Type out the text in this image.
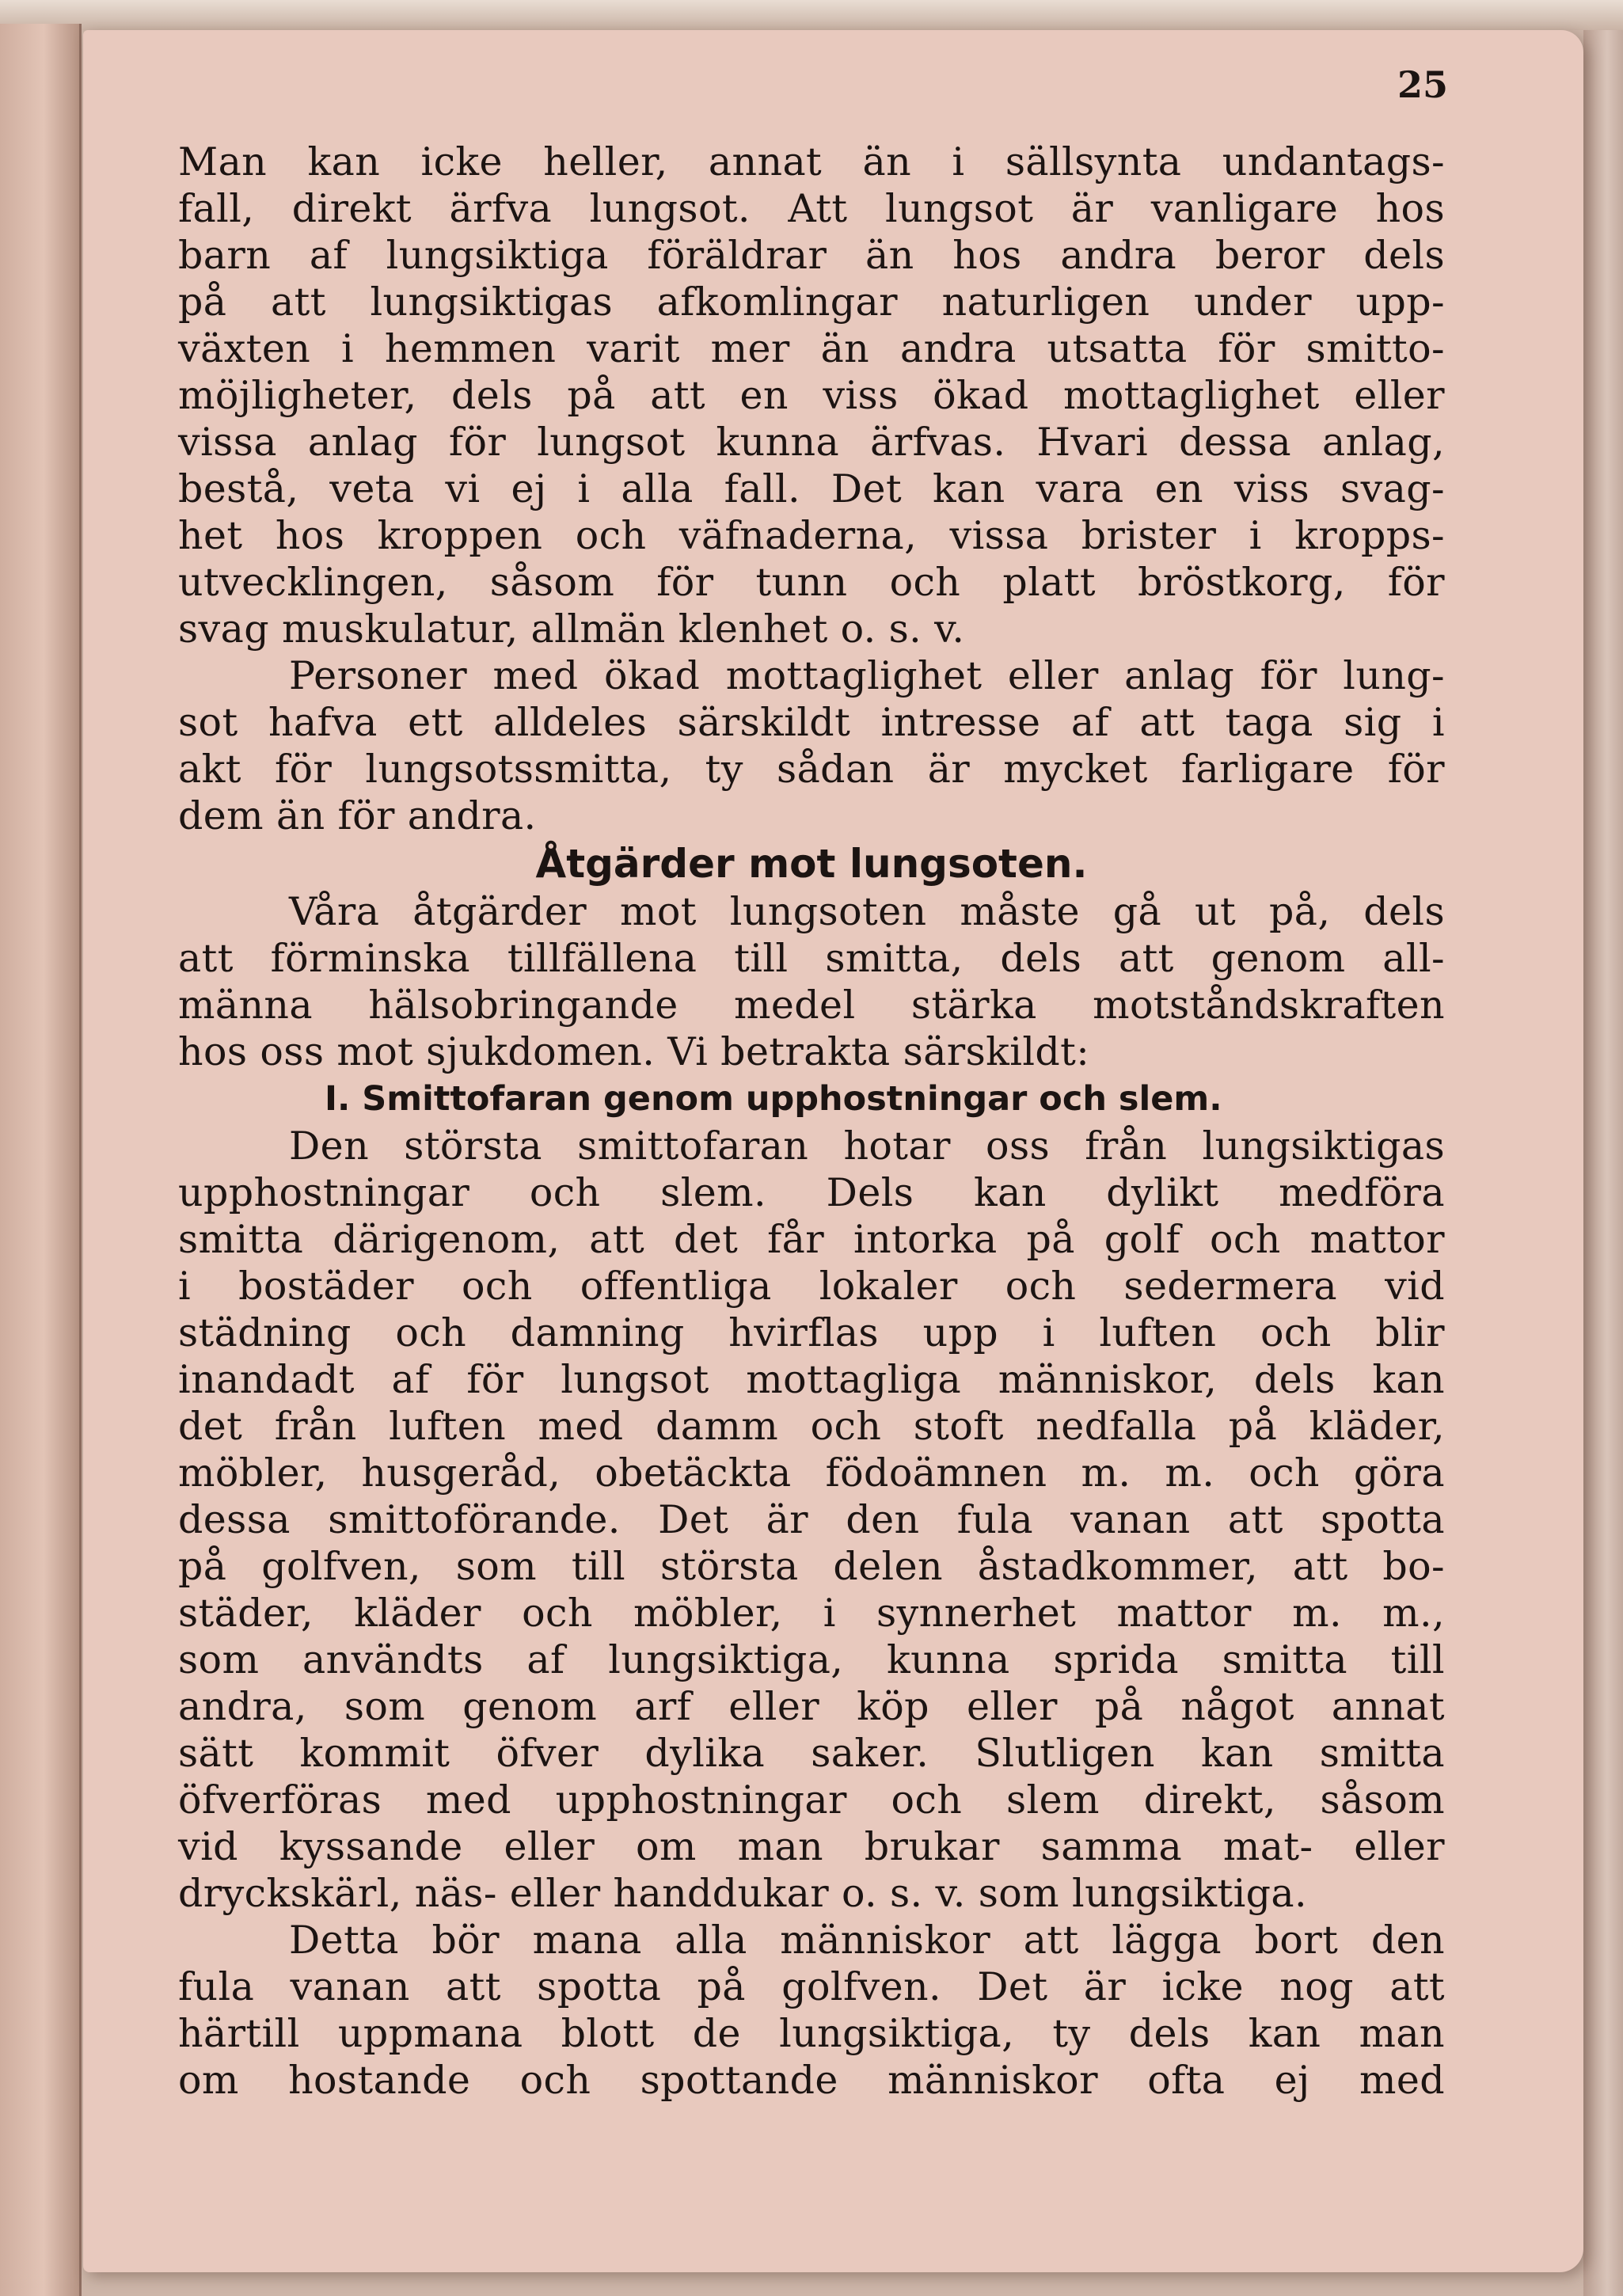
25
Man kan icke heller, annat än i sällsynta undantags-
fall, direkt ärfva lungsot. Att lungsot är vanligare hos
barn af lungsiktiga föräldrar än hos andra beror dels
på att lungsiktigas afkomlingar naturligen under upp-
växten i hemmen varit mer än andra utsatta för smitto-
möjligheter, dels på att en viss ökad mottaglighet eller
vissa anlag för lungsot kunna ärfvas. Hvari dessa anlag,
bestå, veta vi ej i alla fall. Det kan vara en viss svag-
het hos kroppen och väfnaderna, vissa brister i kropps-
utvecklingen, såsom för tunn och platt bröstkorg, för
svag muskulatur, allmän klenhet o. s. v.
Personer med ökad mottaglighet eller anlag för lung-
sot hafva ett alldeles särskildt intresse af att taga sig i
akt för lungsotssmitta, ty sådan är mycket farligare för
dem än för andra.
Åtgärder mot lungsoten.
Våra åtgärder mot lungsoten måste gå ut på, dels
att förminska tillfällena till smitta, dels att genom all-
männa hälsobringande medel stärka motståndskraften
hos oss mot sjukdomen. Vi betrakta särskildt:
I. Smittofaran genom upphostningar och slem.
Den största smittofaran hotar oss från lungsiktigas
upphostningar och slem. Dels kan dylikt medföra
smitta därigenom, att det får intorka på golf och mattor
i bostäder och offentliga lokaler och sedermera vid
städning och damning hvirflas upp i luften och blir
inandadt af för lungsot mottagliga människor, dels kan
det från luften med damm och stoft nedfalla på kläder,
möbler, husgeråd, obetäckta födoämnen m. m. och göra
dessa smittoförande. Det är den fula vanan att spotta
på golfven, som till största delen åstadkommer, att bo-
städer, kläder och möbler, i synnerhet mattor m. m.,
som användts af lungsiktiga, kunna sprida smitta till
andra, som genom arf eller köp eller på något annat
sätt kommit öfver dylika saker. Slutligen kan smitta
öfverföras med upphostningar och slem direkt, såsom
vid kyssande eller om man brukar samma mat- eller
dryckskärl, näs- eller handdukar o. s. v. som lungsiktiga.
Detta bör mana alla människor att lägga bort den
fula vanan att spotta på golfven. Det är icke nog att
härtill uppmana blott de lungsiktiga, ty dels kan man
om hostande och spottande människor ofta ej med
